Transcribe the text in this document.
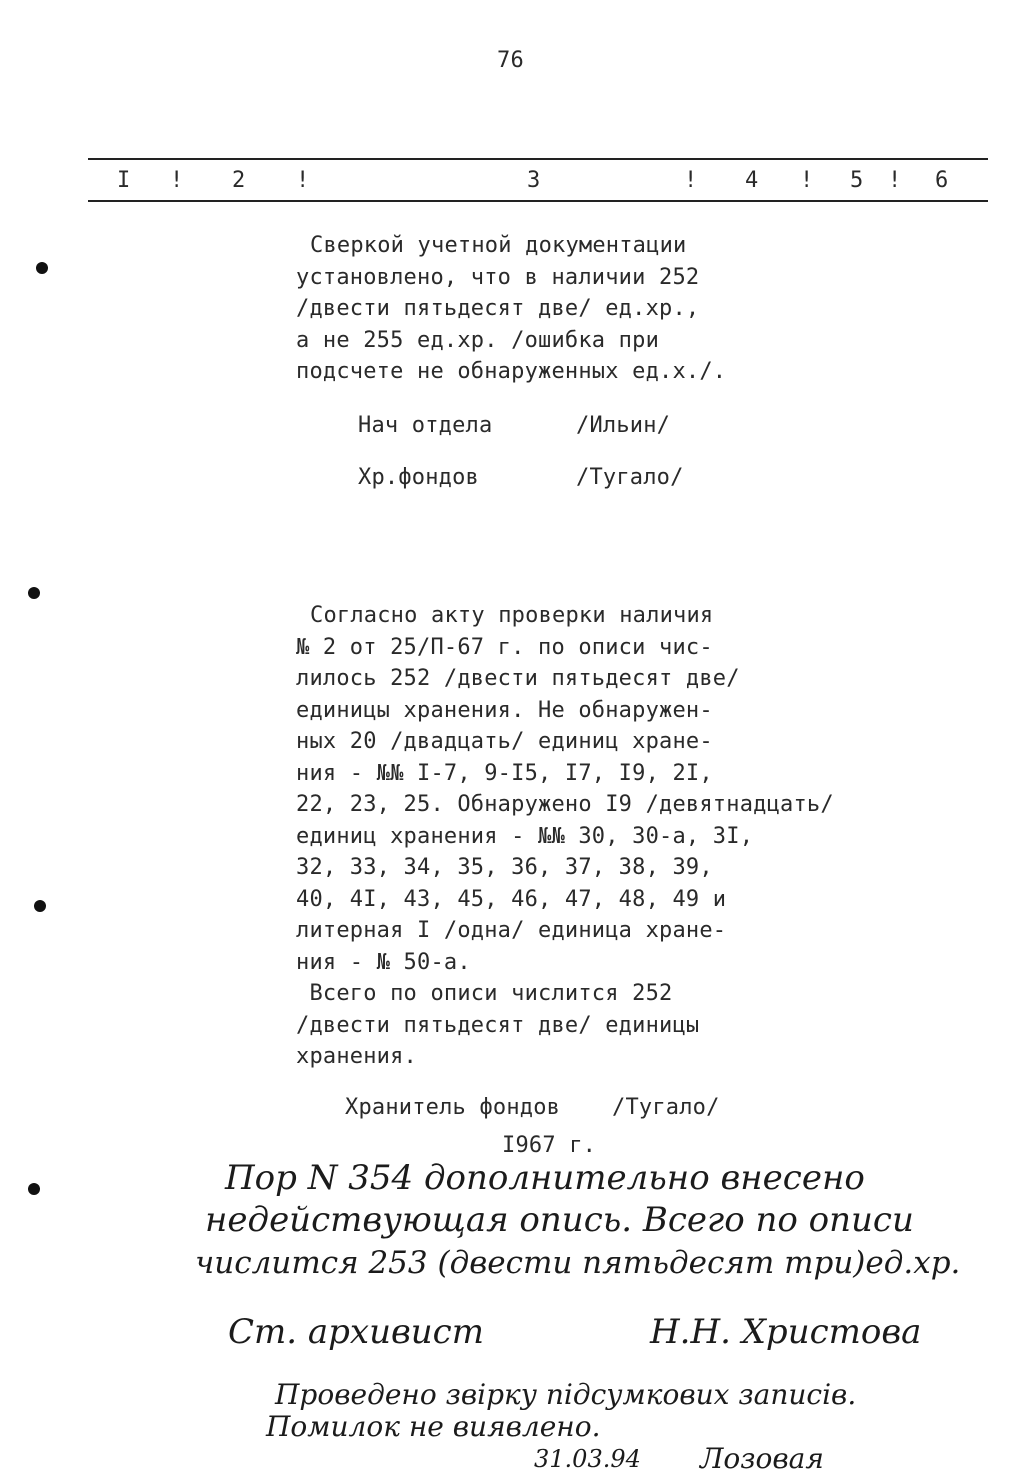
76
I ! 2 !	3	! 4 ! 5 ! 6
Сверкой учетной документации
установлено, что в наличии 252
/двести пятьдесят две/ ед.хр.,
а не 255 ед.хр. /ошибка при
подсчете не обнаруженных ед.х./.
Нач отдела	/Ильин/
Хр.фондов	/Тугало/
Согласно акту проверки наличия
№ 2 от 25/П-67 г. по описи чис-
лилось 252 /двести пятьдесят две/
единицы хранения. Не обнаружен-
ных 20 /двадцать/ единиц хране-
ния - №№ I-7, 9-I5, I7, I9, 2I,
22, 23, 25. Обнаружено I9 /девятнадцать/
единиц хранения - №№ 30, 30-а, 3I,
32, 33, 34, 35, 36, 37, 38, 39,
40, 4I, 43, 45, 46, 47, 48, 49 и
литерная I /одна/ единица хране-
ния - № 50-а.
Всего по описи числится 252
/двести пятьдесят две/ единицы
хранения.
Хранитель фондов /Тугало/
I967 г.
Пор N 354 дополнительно внесено
недействующая опись. Всего по описи
числится 253 (двести пятьдесят три)ед.хр.
Ст. архивист	Н.Н. Христова
Проведено звірку підсумкових записів.
Помилок не виявлено.
31.03.94 Лозовая
